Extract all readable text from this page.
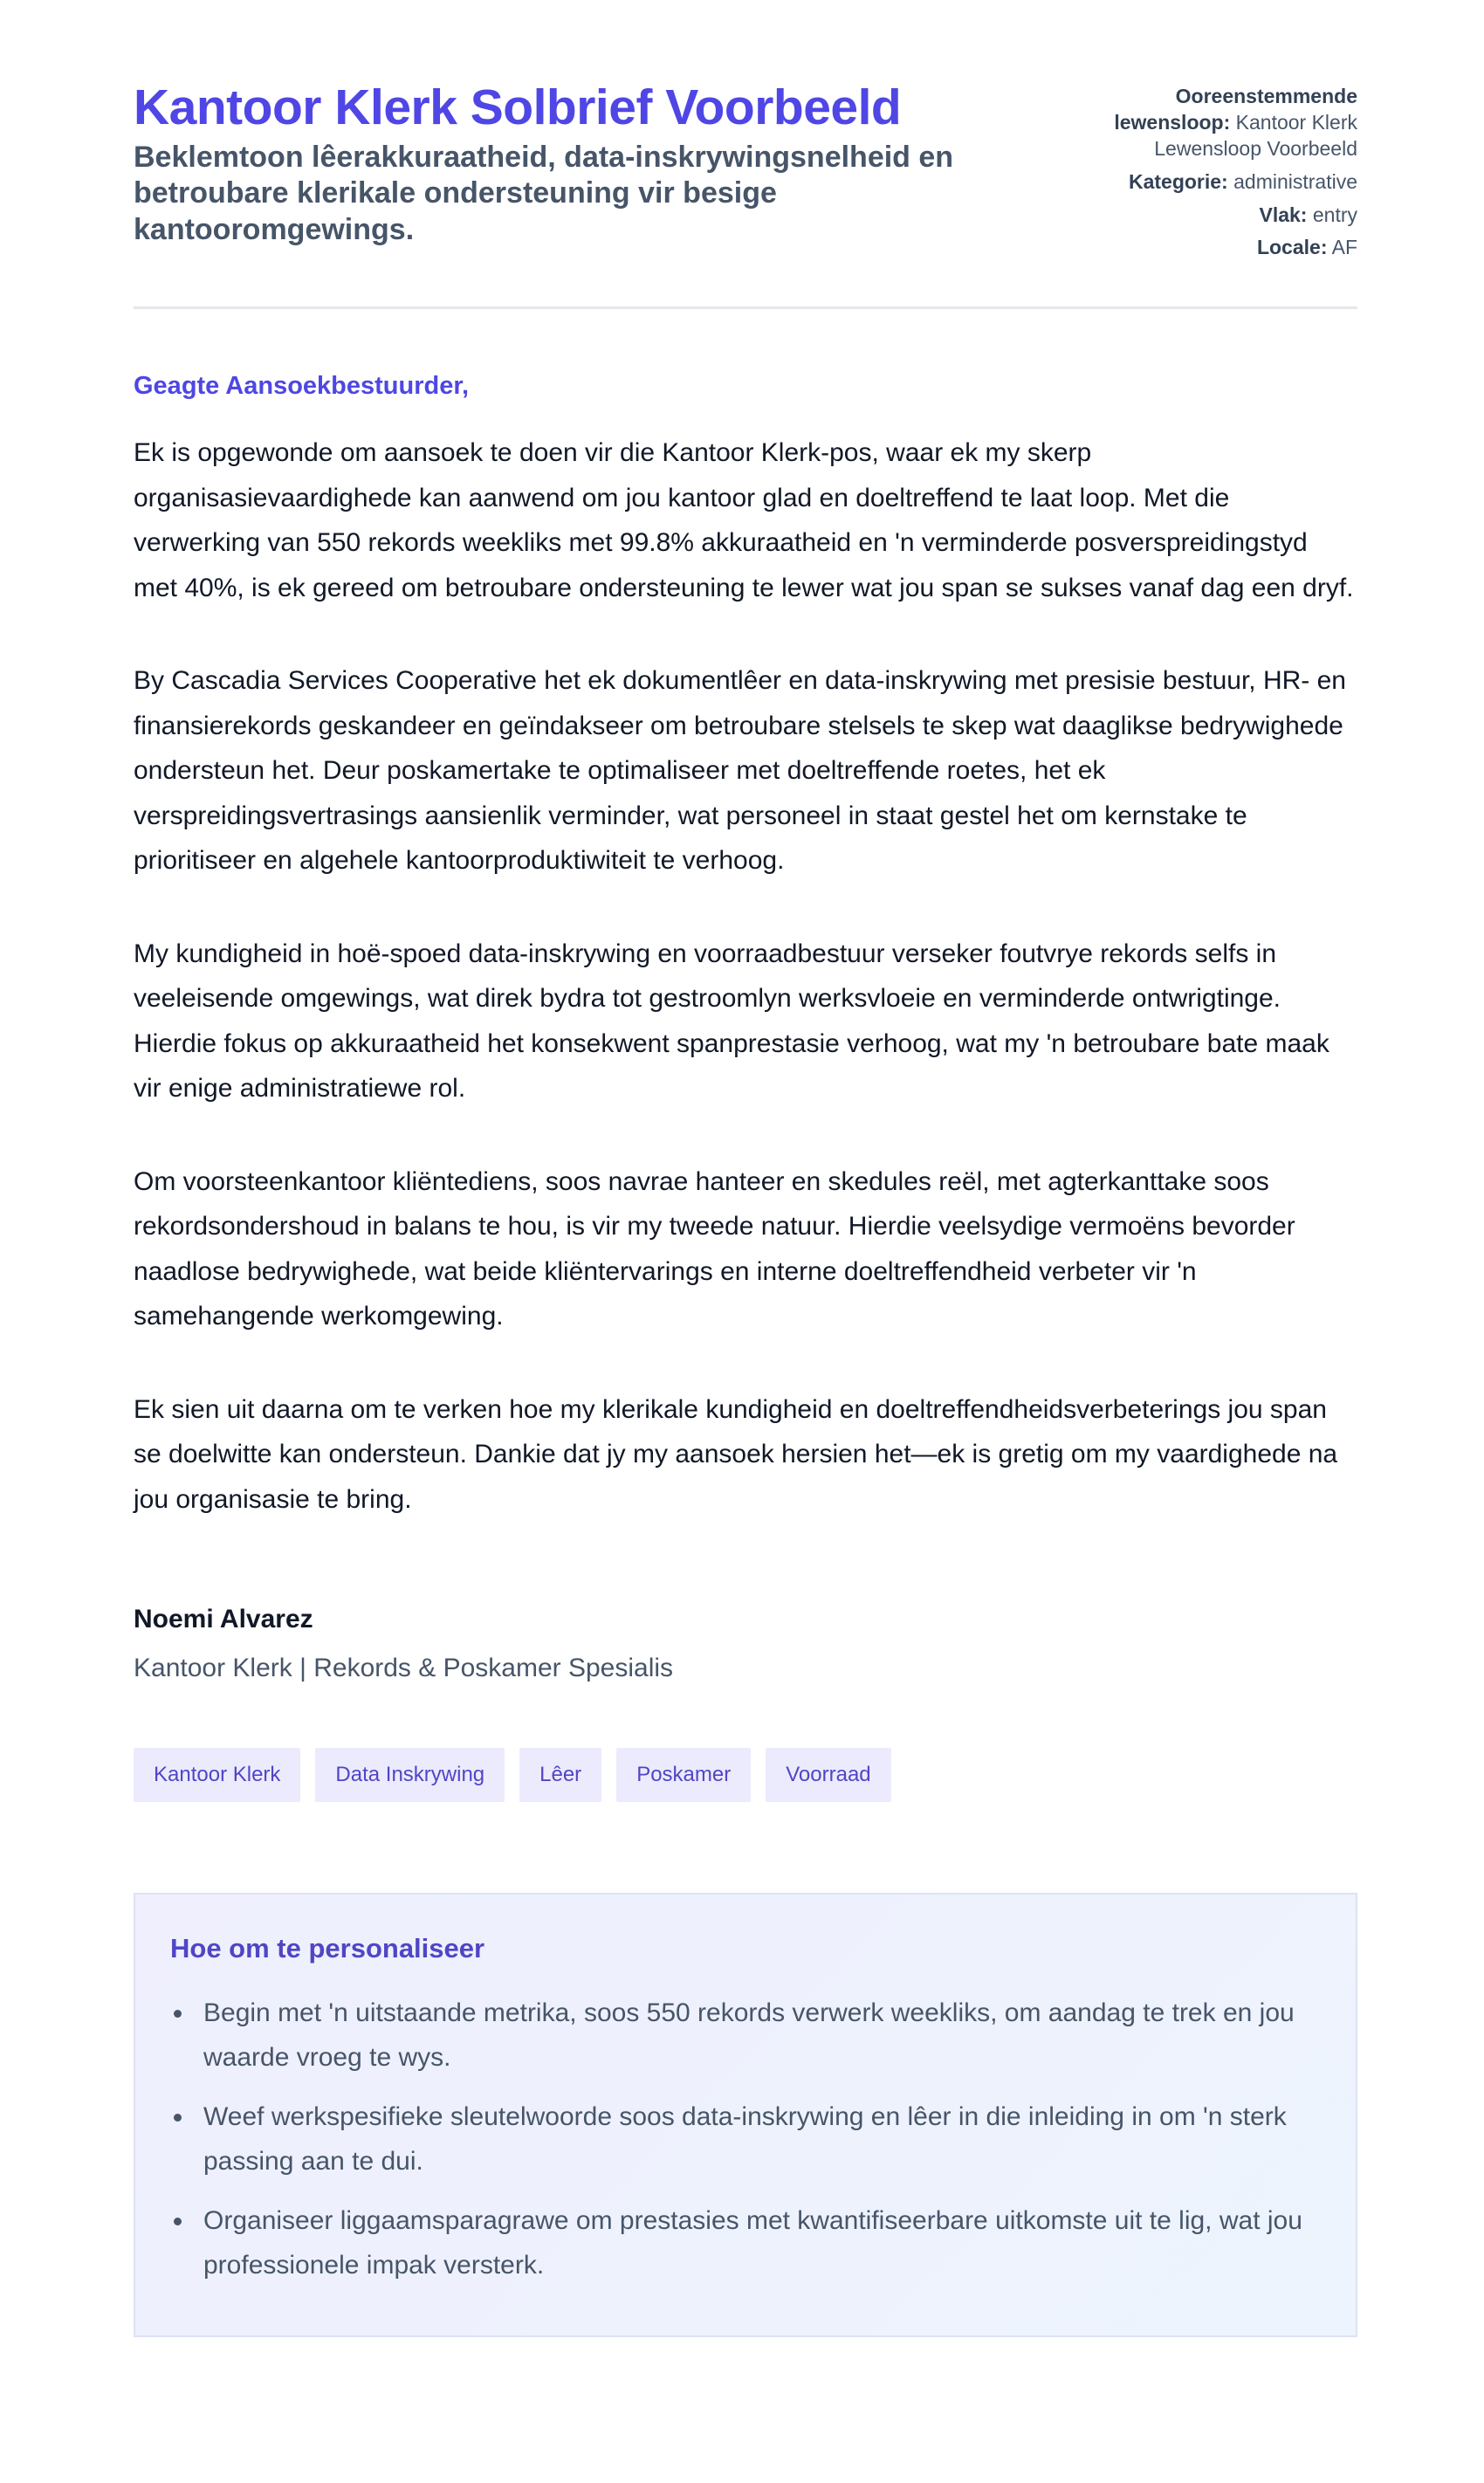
Kantoor Klerk Solbrief Voorbeeld

Beklemtoon lêerakkuraatheid, data-inskrywingsnelheid en betroubare klerikale ondersteuning vir besige kantooromgewings.

Ooreenstemmende lewensloop: Kantoor Klerk Lewensloop Voorbeeld
Kategorie: administrative
Vlak: entry
Locale: AF

Geagte Aansoekbestuurder,

Ek is opgewonde om aansoek te doen vir die Kantoor Klerk-pos, waar ek my skerp organisasievaardighede kan aanwend om jou kantoor glad en doeltreffend te laat loop. Met die verwerking van 550 rekords weekliks met 99.8% akkuraatheid en 'n verminderde posverspreidingstyd met 40%, is ek gereed om betroubare ondersteuning te lewer wat jou span se sukses vanaf dag een dryf.

By Cascadia Services Cooperative het ek dokumentlêer en data-inskrywing met presisie bestuur, HR- en finansierekords geskandeer en geïndakseer om betroubare stelsels te skep wat daaglikse bedrywighede ondersteun het. Deur poskamertake te optimaliseer met doeltreffende roetes, het ek verspreidingsvertrasings aansienlik verminder, wat personeel in staat gestel het om kernstake te prioritiseer en algehele kantoorproduktiwiteit te verhoog.

My kundigheid in hoë-spoed data-inskrywing en voorraadbestuur verseker foutvrye rekords selfs in veeleisende omgewings, wat direk bydra tot gestroomlyn werksvloeie en verminderde ontwrigtinge. Hierdie fokus op akkuraatheid het konsekwent spanprestasie verhoog, wat my 'n betroubare bate maak vir enige administratiewe rol.

Om voorsteenkantoor kliëntediens, soos navrae hanteer en skedules reël, met agterkanttake soos rekordsondershoud in balans te hou, is vir my tweede natuur. Hierdie veelsydige vermoëns bevorder naadlose bedrywighede, wat beide kliëntervarings en interne doeltreffendheid verbeter vir 'n samehangende werkomgewing.

Ek sien uit daarna om te verken hoe my klerikale kundigheid en doeltreffendheidsverbeterings jou span se doelwitte kan ondersteun. Dankie dat jy my aansoek hersien het—ek is gretig om my vaardighede na jou organisasie te bring.

Noemi Alvarez

Kantoor Klerk | Rekords & Poskamer Spesialis

Kantoor Klerk	Data Inskrywing	Lêer	Poskamer	Voorraad
Hoe om te personaliseer
Begin met 'n uitstaande metrika, soos 550 rekords verwerk weekliks, om aandag te trek en jou waarde vroeg te wys.
Weef werkspesifieke sleutelwoorde soos data-inskrywing en lêer in die inleiding in om 'n sterk passing aan te dui.
Organiseer liggaamsparagrawe om prestasies met kwantifiseerbare uitkomste uit te lig, wat jou professionele impak versterk.
